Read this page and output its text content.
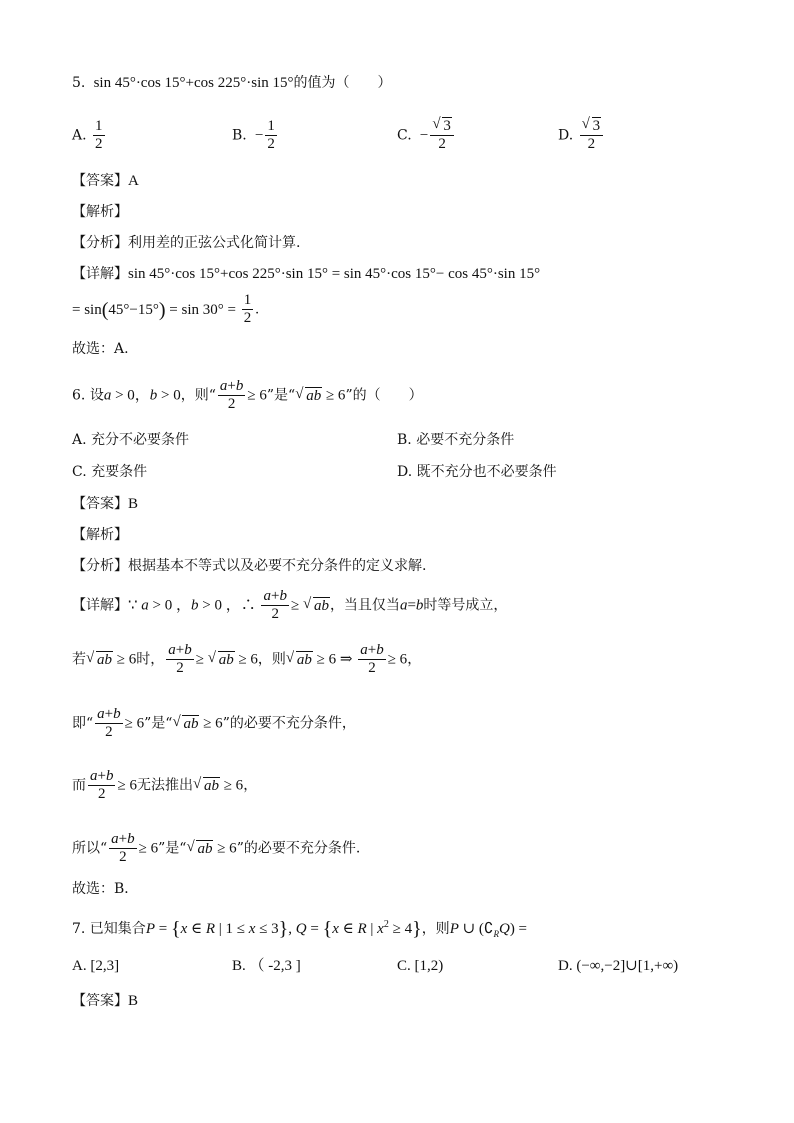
5.  sin 45°·cos 15°+cos 225°·sin 15°的值为（　　）
A. $\frac{1}{2}$	B.  − $\frac{1}{2}$	C.  − √ $\frac{3}{2}$	D. √ $\frac{3}{2}$
【答案】A
【解析】
【分析】利用差的正弦公式化简计算.
【详解】sin 45°·cos 15°+cos 225°·sin 15° = sin 45°·cos 15°− cos 45°·sin 15°
= $\sin(45^\circ-15^\circ) = \sin 30^\circ = \frac{1}{2}$ .
故选：A.
6. 设a > 0，b > 0，则“ $\frac{a+b}{2} \ge 6$”是“ √ ab ≥ 6”的（　　）
A. 充分不必要条件	B. 必要不充分条件
C. 充要条件	D. 既不充分也不必要条件
【答案】B
【解析】
【分析】根据基本不等式以及必要不充分条件的定义求解.
【详解】∵ a > 0 ，b > 0 ，∴ $\frac{a+b}{2}$ ≥ √ ab，当且仅当a=b时等号成立，
若 √ ab ≥ 6时， $\frac{a+b}{2}$ ≥ √ ab ≥ 6，则 √ ab ≥ 6 ⇒ $\frac{a+b}{2} \ge 6$，
即“ $\frac{a+b}{2} \ge 6$”是“ √ ab ≥ 6”的必要不充分条件，
而 $\frac{a+b}{2} \ge 6$无法推出 √ ab ≥ 6，
所以“ $\frac{a+b}{2} \ge 6$”是“ √ ab ≥ 6”的必要不充分条件.
故选：B．
7. 已知集合P = {x ∈ R | 1 ≤ x ≤ 3}, Q = {x ∈ R | $x^2 \ge 4$}，则P ∪ $(∁_RQ)$ =
A. [2,3]	B. （ -2,3 ]	C. [1,2)	D. (−∞,−2]∪[1,+∞)
【答案】B
